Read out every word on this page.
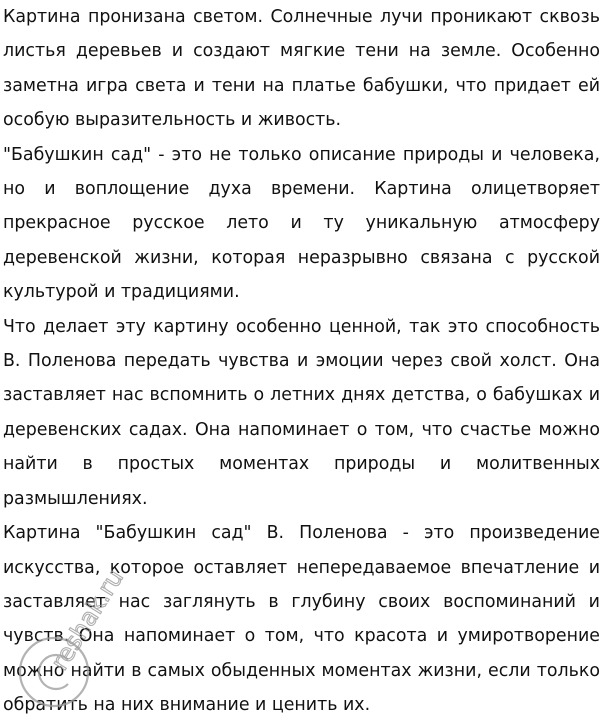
Картина пронизана светом. Солнечные лучи проникают сквозь листья деревьев и создают мягкие тени на земле. Особенно заметна игра света и тени на платье бабушки, что придает ей особую выразительность и живость.

"Бабушкин сад" - это не только описание природы и человека, но и воплощение духа времени. Картина олицетворяет прекрасное русское лето и ту уникальную атмосферу деревенской жизни, которая неразрывно связана с русской культурой и традициями.

Что делает эту картину особенно ценной, так это способность В. Поленова передать чувства и эмоции через свой холст. Она заставляет нас вспомнить о летних днях детства, о бабушках и деревенских садах. Она напоминает о том, что счастье можно найти в простых моментах природы и молитвенных размышлениях.

Картина "Бабушкин сад" В. Поленова - это произведение искусства, которое оставляет непередаваемое впечатление и заставляет нас заглянуть в глубину своих воспоминаний и чувств. Она напоминает о том, что красота и умиротворение можно найти в самых обыденных моментах жизни, если только обратить на них внимание и ценить их.

reshak.ru
